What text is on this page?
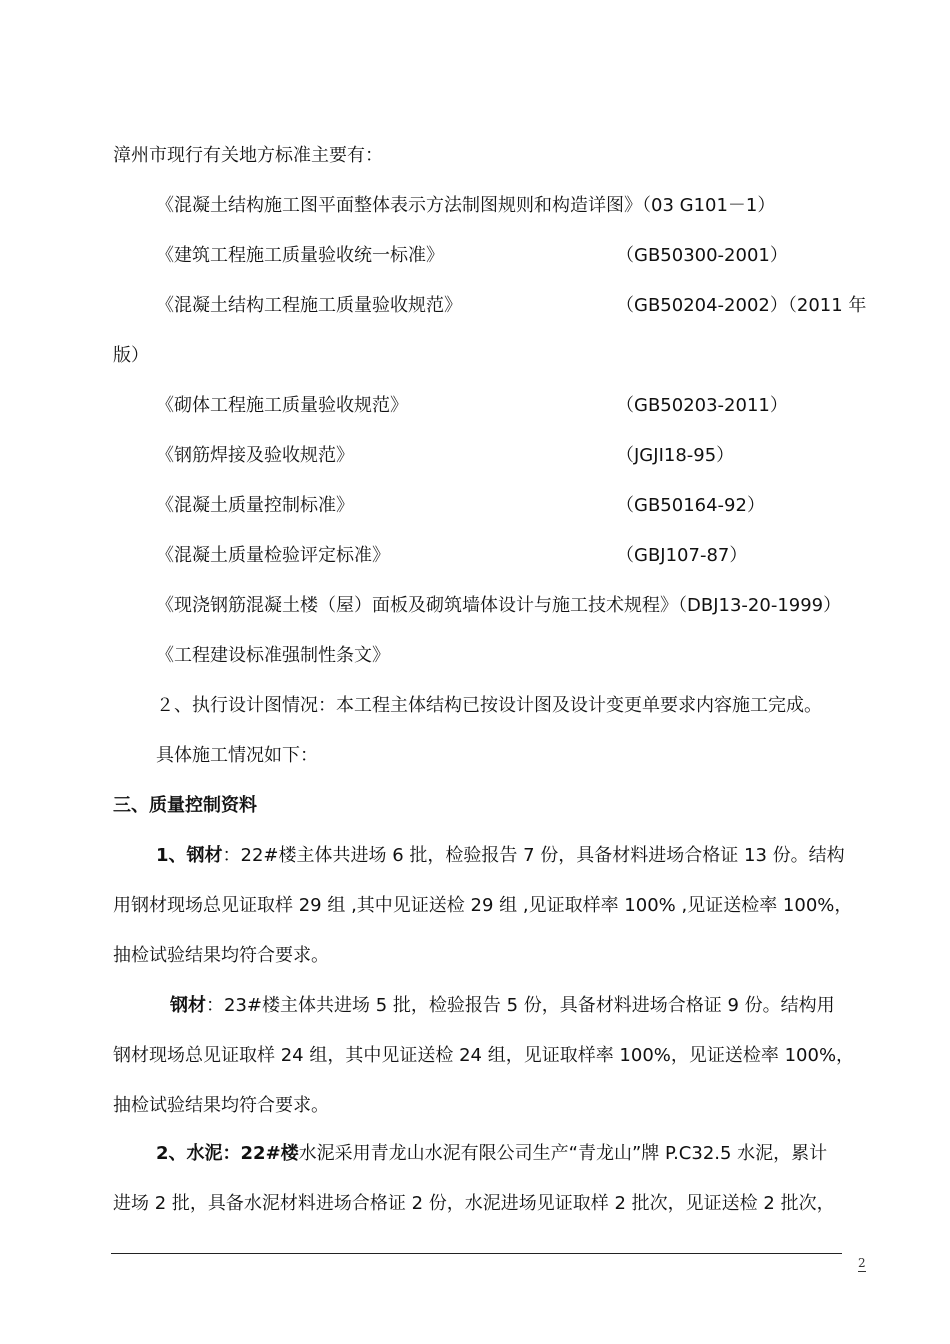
漳州市现行有关地方标准主要有：
《混凝土结构施工图平面整体表示方法制图规则和构造详图》（03 G101－1）
《建筑工程施工质量验收统一标准》	（GB50300-2001）
《混凝土结构工程施工质量验收规范》	（GB50204-2002）（2011 年
版）
《砌体工程施工质量验收规范》	（GB50203-2011）
《钢筋焊接及验收规范》	（JGJI18-95）
《混凝土质量控制标准》	（GB50164-92）
《混凝土质量检验评定标准》	（GBJ107-87）
《现浇钢筋混凝土楼（屋）面板及砌筑墙体设计与施工技术规程》（DBJ13-20-1999）
《工程建设标准强制性条文》
２、执行设计图情况：本工程主体结构已按设计图及设计变更单要求内容施工完成。
具体施工情况如下：
三、质量控制资料
1、钢材：22#楼主体共进场 6 批，检验报告 7 份，具备材料进场合格证 13 份。结构
用钢材现场总见证取样 29 组 ,其中见证送检 29 组 ,见证取样率 100% ,见证送检率 100%，
抽检试验结果均符合要求。
钢材：23#楼主体共进场 5 批，检验报告 5 份，具备材料进场合格证 9 份。结构用
钢材现场总见证取样 24 组，其中见证送检 24 组，见证取样率 100%，见证送检率 100%，
抽检试验结果均符合要求。
2、水泥：22#楼水泥采用青龙山水泥有限公司生产“青龙山”牌 P.C32.5 水泥，累计
进场 2 批，具备水泥材料进场合格证 2 份，水泥进场见证取样 2 批次，见证送检 2 批次，
2
